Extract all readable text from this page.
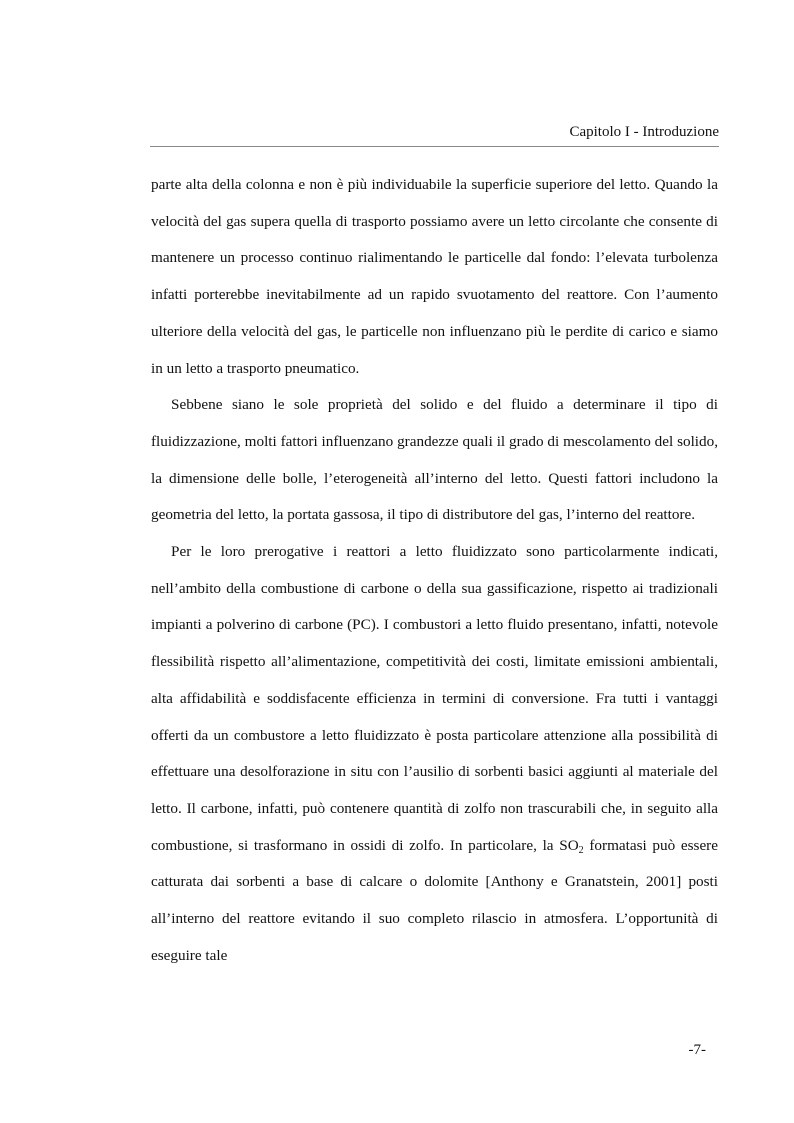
Capitolo I - Introduzione

parte alta della colonna e non è più individuabile la superficie superiore del letto. Quando la velocità del gas supera quella di trasporto possiamo avere un letto circolante che consente di mantenere un processo continuo rialimentando le particelle dal fondo: l’elevata turbolenza infatti porterebbe inevitabilmente ad un rapido svuotamento del reattore. Con l’aumento ulteriore della velocità del gas, le particelle non influenzano più le perdite di carico e siamo in un letto a trasporto pneumatico.

Sebbene siano le sole proprietà del solido e del fluido a determinare il tipo di fluidizzazione, molti fattori influenzano grandezze quali il grado di mescolamento del solido, la dimensione delle bolle, l’eterogeneità all’interno del letto. Questi fattori includono la geometria del letto, la portata gassosa, il tipo di distributore del gas, l’interno del reattore.

Per le loro prerogative i reattori a letto fluidizzato sono particolarmente indicati, nell’ambito della combustione di carbone o della sua gassificazione, rispetto ai tradizionali impianti a polverino di carbone (PC). I combustori a letto fluido presentano, infatti, notevole flessibilità rispetto all’alimentazione, competitività dei costi, limitate emissioni ambientali, alta affidabilità e soddisfacente efficienza in termini di conversione. Fra tutti i vantaggi offerti da un combustore a letto fluidizzato è posta particolare attenzione alla possibilità di effettuare una desolforazione in situ con l’ausilio di sorbenti basici aggiunti al materiale del letto. Il carbone, infatti, può contenere quantità di zolfo non trascurabili che, in seguito alla combustione, si trasformano in ossidi di zolfo. In particolare, la $SO_2$ formatasi può essere catturata dai sorbenti a base di calcare o dolomite [Anthony e Granatstein, 2001] posti all’interno del reattore evitando il suo completo rilascio in atmosfera. L’opportunità di eseguire tale

-7-
